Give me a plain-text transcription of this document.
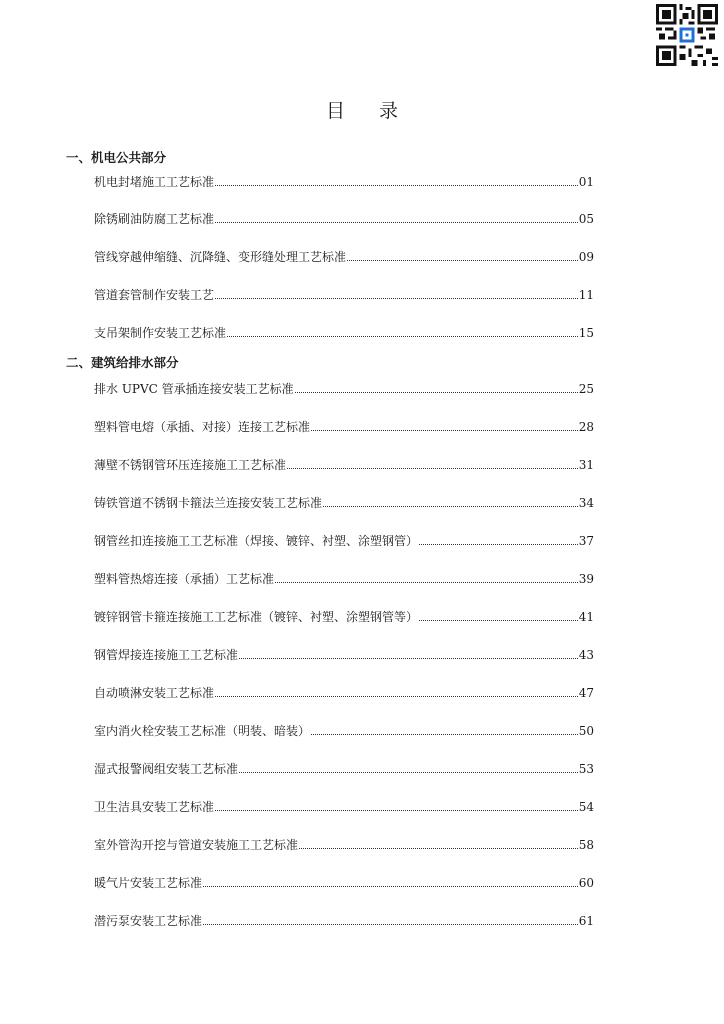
目 录
一、机电公共部分
机电封堵施工工艺标准	01
除锈刷油防腐工艺标准	05
管线穿越伸缩缝、沉降缝、变形缝处理工艺标准	09
管道套管制作安装工艺	11
支吊架制作安装工艺标准	15
二、建筑给排水部分
排水 UPVC 管承插连接安装工艺标准	25
塑料管电熔（承插、对接）连接工艺标准	28
薄壁不锈钢管环压连接施工工艺标准	31
铸铁管道不锈钢卡箍法兰连接安装工艺标准	34
钢管丝扣连接施工工艺标准（焊接、镀锌、衬塑、涂塑钢管）	37
塑料管热熔连接（承插）工艺标准	39
镀锌钢管卡箍连接施工工艺标准（镀锌、衬塑、涂塑钢管等）	41
钢管焊接连接施工工艺标准	43
自动喷淋安装工艺标准	47
室内消火栓安装工艺标准（明装、暗装）	50
湿式报警阀组安装工艺标准	53
卫生洁具安装工艺标准	54
室外管沟开挖与管道安装施工工艺标准	58
暖气片安装工艺标准	60
潜污泵安装工艺标准	61
